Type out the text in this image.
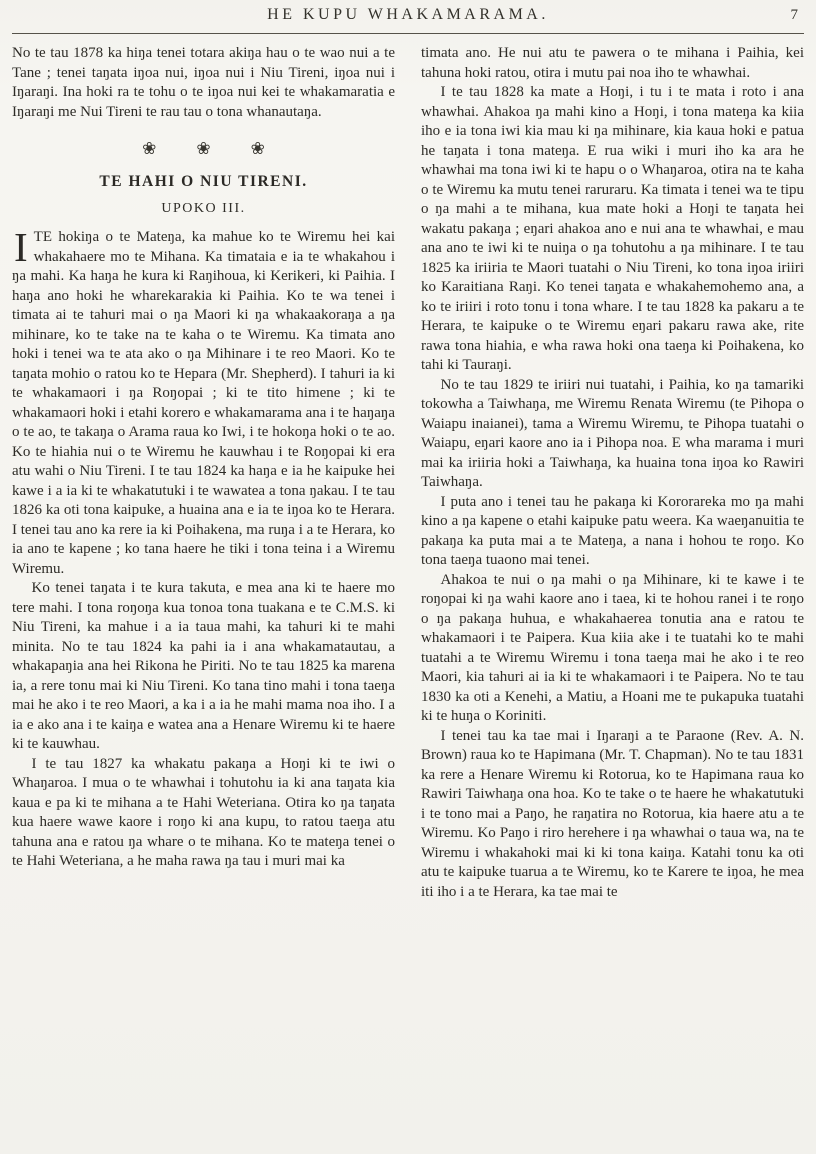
HE KUPU WHAKAMARAMA.	7

No te tau 1878 ka hiŋa tenei totara akiŋa hau o te wao nui a te Tane ; tenei taŋata iŋoa nui, iŋoa nui i Niu Tireni, iŋoa nui i Iŋaraŋi. Ina hoki ra te tohu o te iŋoa nui kei te whakamaratia e Iŋaraŋi me Nui Tireni te rau tau o tona whanautaŋa.

❀ ❀ ❀
TE HAHI O NIU TIRENI.
UPOKO III.

ITE hokiŋa o te Mateŋa, ka mahue ko te Wiremu hei kai whakahaere mo te Mihana. Ka timataia e ia te whakahou i ŋa mahi. Ka haŋa he kura ki Raŋihoua, ki Kerikeri, ki Paihia. I haŋa ano hoki he wharekarakia ki Paihia. Ko te wa tenei i timata ai te tahuri mai o ŋa Maori ki ŋa whakaakoraŋa a ŋa mihinare, ko te take na te kaha o te Wiremu. Ka timata ano hoki i tenei wa te ata ako o ŋa Mihinare i te reo Maori. Ko te taŋata mohio o ratou ko te Hepara (Mr. Shepherd). I tahuri ia ki te whakamaori i ŋa Roŋopai ; ki te tito himene ; ki te whakamaori hoki i etahi korero e whakamarama ana i te haŋaŋa o te ao, te takaŋa o Arama raua ko Iwi, i te hokoŋa hoki o te ao. Ko te hiahia nui o te Wiremu he kauwhau i te Roŋopai ki era atu wahi o Niu Tireni. I te tau 1824 ka haŋa e ia he kaipuke hei kawe i a ia ki te whakatutuki i te wawatea a tona ŋakau. I te tau 1826 ka oti tona kaipuke, a huaina ana e ia te iŋoa ko te Herara. I tenei tau ano ka rere ia ki Poihakena, ma ruŋa i a te Herara, ko ia ano te kapene ; ko tana haere he tiki i tona teina i a Wiremu Wiremu.

Ko tenei taŋata i te kura takuta, e mea ana ki te haere mo tere mahi. I tona roŋoŋa kua tonoa tona tuakana e te C.M.S. ki Niu Tireni, ka mahue i a ia taua mahi, ka tahuri ki te mahi minita. No te tau 1824 ka pahi ia i ana whakamatautau, a whakapaŋia ana hei Rikona he Piriti. No te tau 1825 ka marena ia, a rere tonu mai ki Niu Tireni. Ko tana tino mahi i tona taeŋa mai he ako i te reo Maori, a ka i a ia he mahi mama noa iho. I a ia e ako ana i te kaiŋa e watea ana a Henare Wiremu ki te haere ki te kauwhau.

I te tau 1827 ka whakatu pakaŋa a Hoŋi ki te iwi o Whaŋaroa. I mua o te whawhai i tohutohu ia ki ana taŋata kia kaua e pa ki te mihana a te Hahi Weteriana. Otira ko ŋa taŋata kua haere wawe kaore i roŋo ki ana kupu, to ratou taeŋa atu tahuna ana e ratou ŋa whare o te mihana. Ko te mateŋa tenei o te Hahi Weteriana, a he maha rawa ŋa tau i muri mai ka

timata ano. He nui atu te pawera o te mihana i Paihia, kei tahuna hoki ratou, otira i mutu pai noa iho te whawhai.

I te tau 1828 ka mate a Hoŋi, i tu i te mata i roto i ana whawhai. Ahakoa ŋa mahi kino a Hoŋi, i tona mateŋa ka kiia iho e ia tona iwi kia mau ki ŋa mihinare, kia kaua hoki e patua he taŋata i tona mateŋa. E rua wiki i muri iho ka ara he whawhai ma tona iwi ki te hapu o o Whaŋaroa, otira na te kaha o te Wiremu ka mutu tenei raruraru. Ka timata i tenei wa te tipu o ŋa mahi a te mihana, kua mate hoki a Hoŋi te taŋata hei wakatu pakaŋa ; eŋari ahakoa ano e nui ana te whawhai, e mau ana ano te iwi ki te nuiŋa o ŋa tohutohu a ŋa mihinare. I te tau 1825 ka iriiria te Maori tuatahi o Niu Tireni, ko tona iŋoa iriiri ko Karaitiana Raŋi. Ko tenei taŋata e whakahemohemo ana, a ko te iriiri i roto tonu i tona whare. I te tau 1828 ka pakaru a te Herara, te kaipuke o te Wiremu eŋari pakaru rawa ake, rite rawa tona hiahia, e wha rawa hoki ona taeŋa ki Poihakena, ko tahi ki Tauraŋi.

No te tau 1829 te iriiri nui tuatahi, i Paihia, ko ŋa tamariki tokowha a Taiwhaŋa, me Wiremu Renata Wiremu (te Pihopa o Waiapu inaianei), tama a Wiremu Wiremu, te Pihopa tuatahi o Waiapu, eŋari kaore ano ia i Pihopa noa. E wha marama i muri mai ka iriiria hoki a Taiwhaŋa, ka huaina tona iŋoa ko Rawiri Taiwhaŋa.

I puta ano i tenei tau he pakaŋa ki Kororareka mo ŋa mahi kino a ŋa kapene o etahi kaipuke patu weera. Ka waeŋanuitia te pakaŋa ka puta mai a te Mateŋa, a nana i hohou te roŋo. Ko tona taeŋa tuaono mai tenei.

Ahakoa te nui o ŋa mahi o ŋa Mihinare, ki te kawe i te roŋopai ki ŋa wahi kaore ano i taea, ki te hohou ranei i te roŋo o ŋa pakaŋa huhua, e whakahaerea tonutia ana e ratou te whakamaori i te Paipera. Kua kiia ake i te tuatahi ko te mahi tuatahi a te Wiremu Wiremu i tona taeŋa mai he ako i te reo Maori, kia tahuri ai ia ki te whakamaori i te Paipera. No te tau 1830 ka oti a Kenehi, a Matiu, a Hoani me te pukapuka tuatahi ki te huŋa o Koriniti.

I tenei tau ka tae mai i Iŋaraŋi a te Paraone (Rev. A. N. Brown) raua ko te Hapimana (Mr. T. Chapman). No te tau 1831 ka rere a Henare Wiremu ki Rotorua, ko te Hapimana raua ko Rawiri Taiwhaŋa ona hoa. Ko te take o te haere he whakatutuki i te tono mai a Paŋo, he raŋatira no Rotorua, kia haere atu a te Wiremu. Ko Paŋo i riro herehere i ŋa whawhai o taua wa, na te Wiremu i whakahoki mai ki ki tona kaiŋa. Katahi tonu ka oti atu te kaipuke tuarua a te Wiremu, ko te Karere te iŋoa, he mea iti iho i a te Herara, ka tae mai te
